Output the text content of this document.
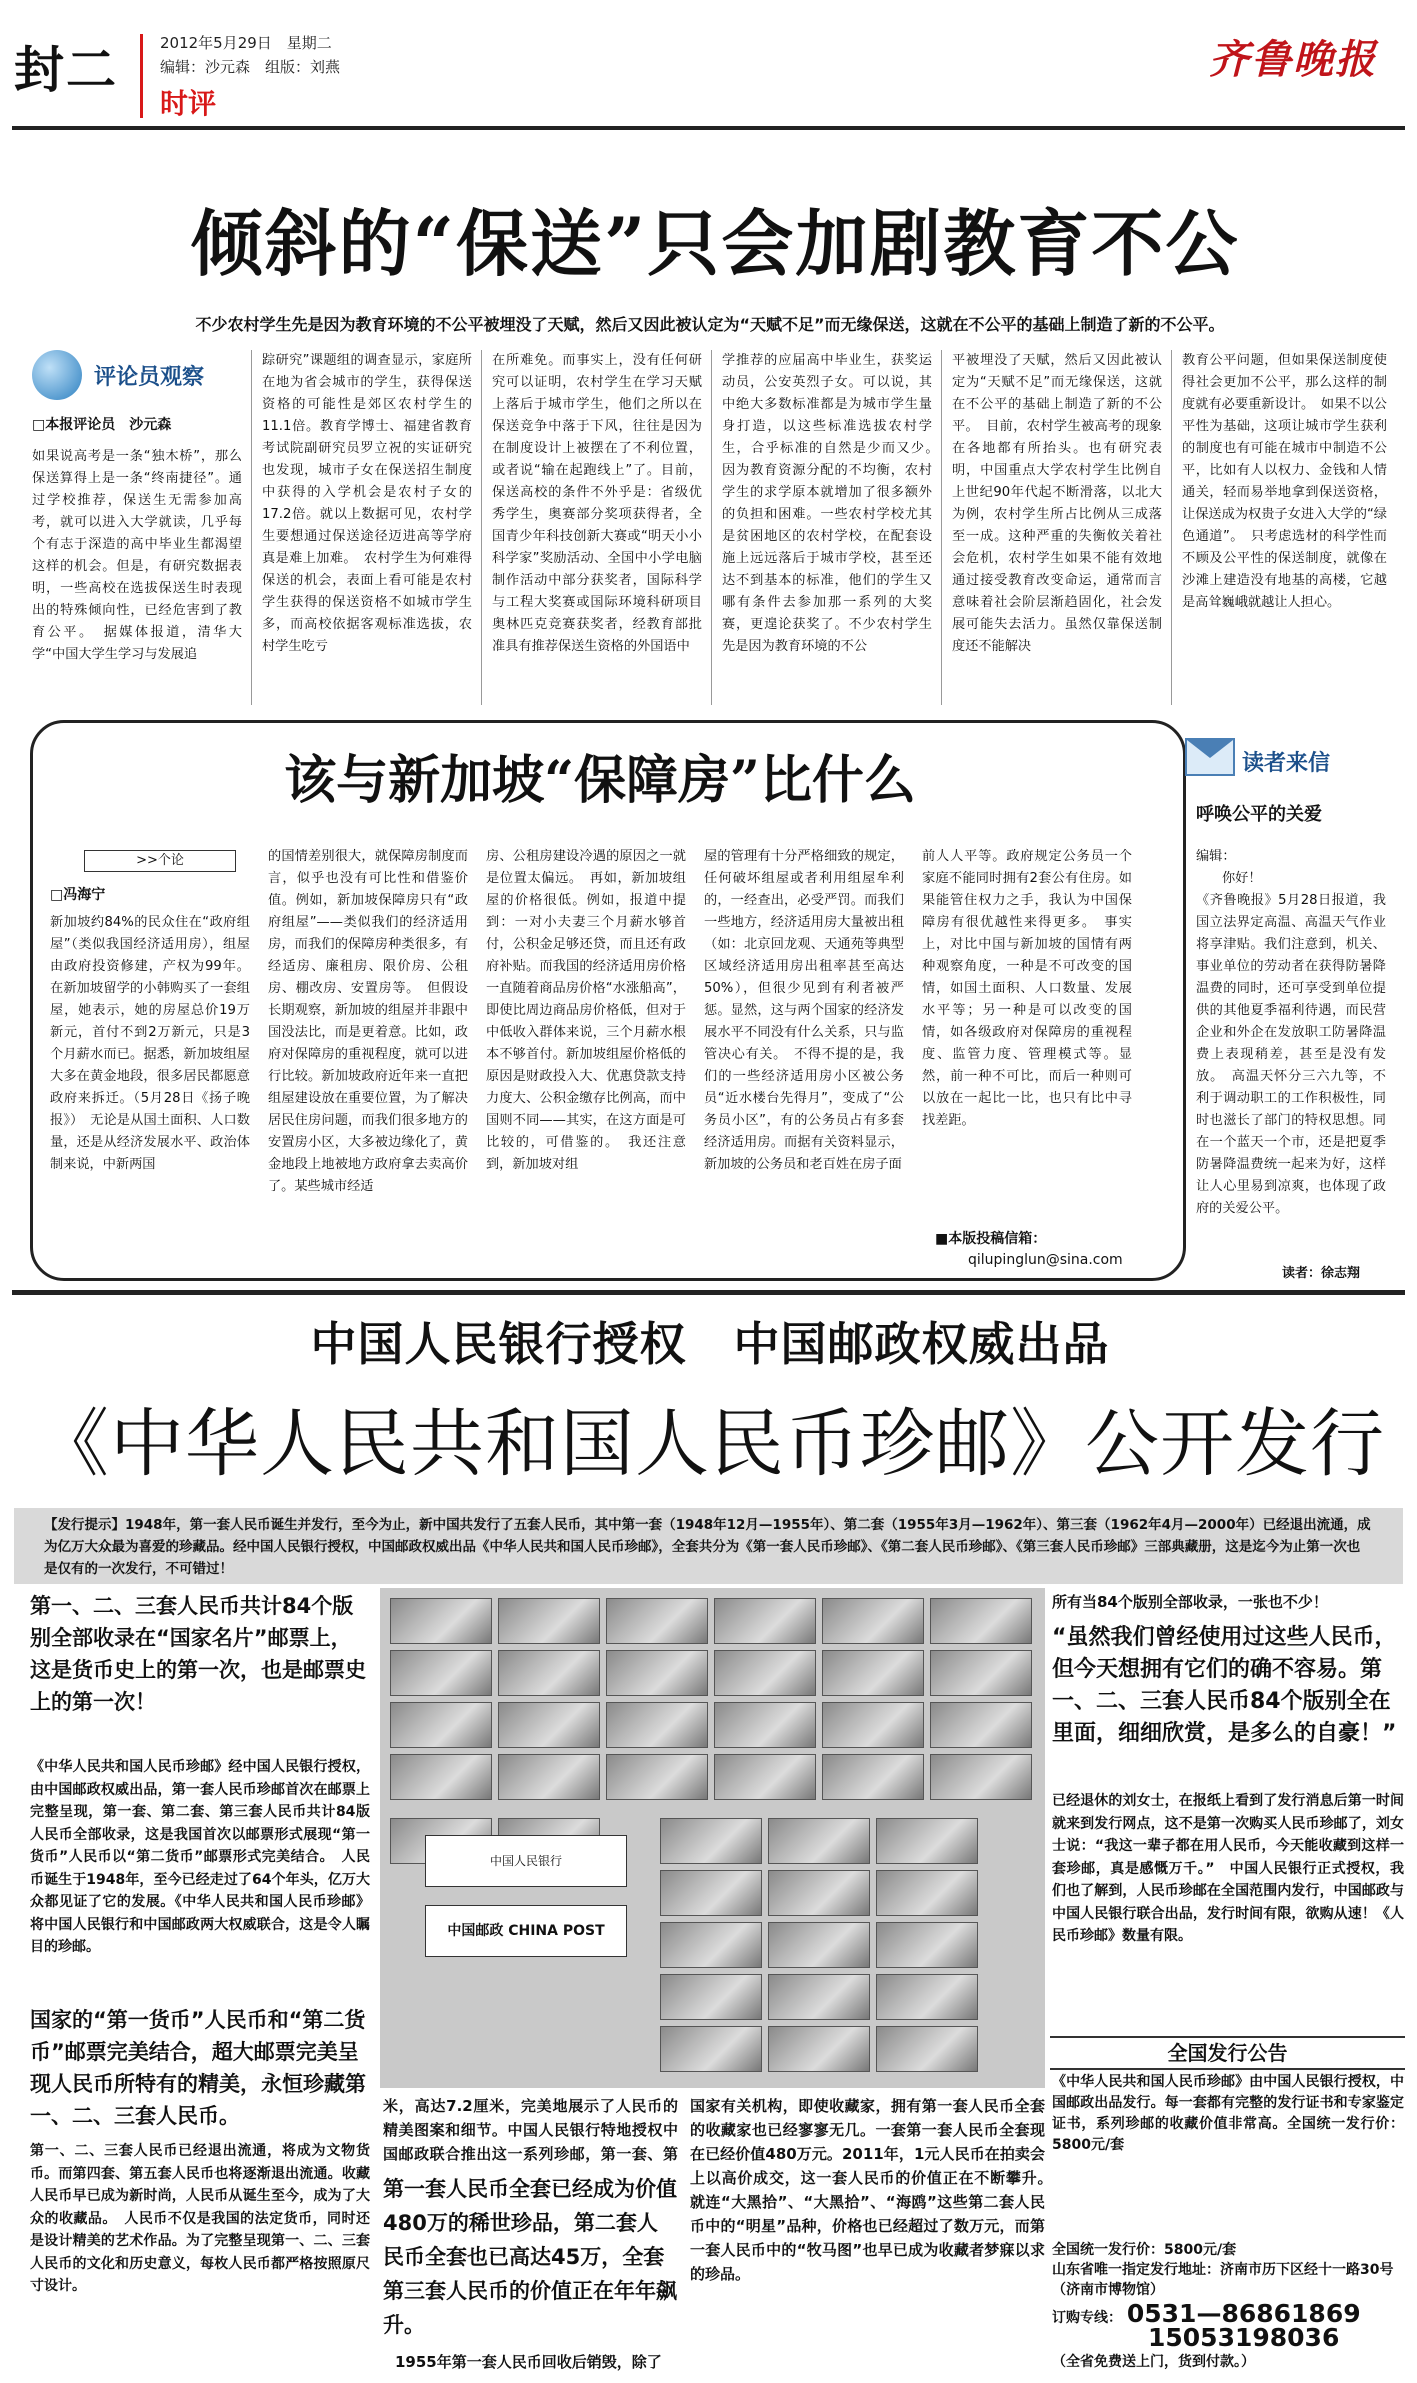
封二	2012年5月29日　星期二
编辑：沙元森　组版：刘燕
时评
齐鲁晚报
倾斜的“保送”只会加剧教育不公
不少农村学生先是因为教育环境的不公平被埋没了天赋，然后又因此被认定为“天赋不足”而无缘保送，这就在不公平的基础上制造了新的不公平。
评论员观察
□本报评论员　沙元森
如果说高考是一条“独木桥”，那么保送算得上是一条“终南捷径”。通过学校推荐，保送生无需参加高考，就可以进入大学就读，几乎每个有志于深造的高中毕业生都渴望这样的机会。但是，有研究数据表明，一些高校在选拔保送生时表现出的特殊倾向性，已经危害到了教育公平。　据媒体报道，清华大学“中国大学生学习与发展追
踪研究”课题组的调查显示，家庭所在地为省会城市的学生，获得保送资格的可能性是郊区农村学生的11.1倍。教育学博士、福建省教育考试院副研究员罗立祝的实证研究也发现，城市子女在保送招生制度中获得的入学机会是农村子女的17.2倍。就以上数据可见，农村学生要想通过保送途径迈进高等学府真是难上加难。　农村学生为何难得保送的机会，表面上看可能是农村学生获得的保送资格不如城市学生多，而高校依据客观标准选拔，农村学生吃亏
在所难免。而事实上，没有任何研究可以证明，农村学生在学习天赋上落后于城市学生，他们之所以在保送竞争中落于下风，往往是因为在制度设计上被摆在了不利位置，或者说“输在起跑线上”了。目前，保送高校的条件不外乎是：省级优秀学生，奥赛部分奖项获得者，全国青少年科技创新大赛或“明天小小科学家”奖励活动、全国中小学电脑制作活动中部分获奖者，国际科学与工程大奖赛或国际环境科研项目奥林匹克竞赛获奖者，经教育部批准具有推荐保送生资格的外国语中
学推荐的应届高中毕业生，获奖运动员，公安英烈子女。可以说，其中绝大多数标准都是为城市学生量身打造，以这些标准选拔农村学生，合乎标准的自然是少而又少。　因为教育资源分配的不均衡，农村学生的求学原本就增加了很多额外的负担和困难。一些农村学校尤其是贫困地区的农村学校，在配套设施上远远落后于城市学校，甚至还达不到基本的标准，他们的学生又哪有条件去参加那一系列的大奖赛，更遑论获奖了。不少农村学生先是因为教育环境的不公
平被埋没了天赋，然后又因此被认定为“天赋不足”而无缘保送，这就在不公平的基础上制造了新的不公平。　目前，农村学生被高考的现象在各地都有所抬头。也有研究表明，中国重点大学农村学生比例自上世纪90年代起不断滑落，以北大为例，农村学生所占比例从三成落至一成。这种严重的失衡攸关着社会危机，农村学生如果不能有效地通过接受教育改变命运，通常而言意味着社会阶层渐趋固化，社会发展可能失去活力。虽然仅靠保送制度还不能解决
教育公平问题，但如果保送制度使得社会更加不公平，那么这样的制度就有必要重新设计。　如果不以公平性为基础，这项让城市学生获利的制度也有可能在城市中制造不公平，比如有人以权力、金钱和人情通关，轻而易举地拿到保送资格，让保送成为权贵子女进入大学的“绿色通道”。　只考虑选材的科学性而不顾及公平性的保送制度，就像在沙滩上建造没有地基的高楼，它越是高耸巍峨就越让人担心。
该与新加坡“保障房”比什么
>>个论
□冯海宁
新加坡约84%的民众住在“政府组屋”（类似我国经济适用房），组屋由政府投资修建，产权为99年。在新加坡留学的小韩购买了一套组屋，她表示，她的房屋总价19万新元，首付不到2万新元，只是3个月薪水而已。据悉，新加坡组屋大多在黄金地段，很多居民都愿意政府来拆迁。（5月28日《扬子晚报》）　无论是从国土面积、人口数量，还是从经济发展水平、政治体制来说，中新两国
的国情差别很大，就保障房制度而言，似乎也没有可比性和借鉴价值。例如，新加坡保障房只有“政府组屋”——类似我们的经济适用房，而我们的保障房种类很多，有经适房、廉租房、限价房、公租房、棚改房、安置房等。　但假设长期观察，新加坡的组屋并非跟中国没法比，而是更着意。比如，政府对保障房的重视程度，就可以进行比较。新加坡政府近年来一直把组屋建设放在重要位置，为了解决居民住房问题，而我们很多地方的安置房小区，大多被边缘化了，黄金地段上地被地方政府拿去卖高价了。某些城市经适
房、公租房建设冷遇的原因之一就是位置太偏远。　再如，新加坡组屋的价格很低。例如，报道中提到：一对小夫妻三个月薪水够首付，公积金足够还贷，而且还有政府补贴。而我国的经济适用房价格一直随着商品房价格“水涨船高”，即使比周边商品房价格低，但对于中低收入群体来说，三个月薪水根本不够首付。新加坡组屋价格低的原因是财政投入大、优惠贷款支持力度大、公积金缴存比例高，而中国则不同——其实，在这方面是可比较的，可借鉴的。　我还注意到，新加坡对组
屋的管理有十分严格细致的规定，任何破坏组屋或者利用组屋牟利的，一经查出，必受严罚。而我们一些地方，经济适用房大量被出租（如：北京回龙观、天通苑等典型区域经济适用房出租率甚至高达50%），但很少见到有利者被严惩。显然，这与两个国家的经济发展水平不同没有什么关系，只与监管决心有关。　不得不提的是，我们的一些经济适用房小区被公务员“近水楼台先得月”，变成了“公务员小区”，有的公务员占有多套经济适用房。而据有关资料显示，新加坡的公务员和老百姓在房子面
前人人平等。政府规定公务员一个家庭不能同时拥有2套公有住房。如果能管住权力之手，我认为中国保障房有很优越性来得更多。　事实上，对比中国与新加坡的国情有两种观察角度，一种是不可改变的国情，如国土面积、人口数量、发展水平等；另一种是可以改变的国情，如各级政府对保障房的重视程度、监管力度、管理模式等。显然，前一种不可比，而后一种则可以放在一起比一比，也只有比中寻找差距。
■本版投稿信箱：
qilupinglun@sina.com
读者来信
呼唤公平的关爱
编辑：
你好！
《齐鲁晚报》5月28日报道，我国立法界定高温、高温天气作业将享津贴。我们注意到，机关、事业单位的劳动者在获得防暑降温费的同时，还可享受到单位提供的其他夏季福利待遇，而民营企业和外企在发放职工防暑降温费上表现稍差，甚至是没有发放。　高温天怀分三六九等，不利于调动职工的工作积极性，同时也滋长了部门的特权思想。同在一个蓝天一个市，还是把夏季防暑降温费统一起来为好，这样让人心里易到凉爽，也体现了政府的关爱公平。
读者：徐志翔
中国人民银行授权　中国邮政权威出品
《中华人民共和国人民币珍邮》公开发行
【发行提示】1948年，第一套人民币诞生并发行，至今为止，新中国共发行了五套人民币，其中第一套（1948年12月—1955年）、第二套（1955年3月—1962年）、第三套（1962年4月—2000年）已经退出流通，成为亿万大众最为喜爱的珍藏品。经中国人民银行授权，中国邮政权威出品《中华人民共和国人民币珍邮》，全套共分为《第一套人民币珍邮》、《第二套人民币珍邮》、《第三套人民币珍邮》三部典藏册，这是迄今为止第一次也是仅有的一次发行，不可错过！
第一、二、三套人民币共计84个版别全部收录在“国家名片”邮票上，这是货币史上的第一次，也是邮票史上的第一次！
《中华人民共和国人民币珍邮》经中国人民银行授权，由中国邮政权威出品，第一套人民币珍邮首次在邮票上完整呈现，第一套、第二套、第三套人民币共计84版人民币全部收录，这是我国首次以邮票形式展现“第一货币”人民币以“第二货币”邮票形式完美结合。　人民币诞生于1948年，至今已经走过了64个年头，亿万大众都见证了它的发展。《中华人民共和国人民币珍邮》将中国人民银行和中国邮政两大权威联合，这是令人瞩目的珍邮。
国家的“第一货币”人民币和“第二货币”邮票完美结合，超大邮票完美呈现人民币所特有的精美，永恒珍藏第一、二、三套人民币。
第一、二、三套人民币已经退出流通，将成为文物货币。而第四套、第五套人民币也将逐渐退出流通。收藏人民币早已成为新时尚，人民币从诞生至今，成为了大众的收藏品。　人民币不仅是我国的法定货币，同时还是设计精美的艺术作品。为了完整呈现第一、二、三套人民币的文化和历史意义，每枚人民币都严格按照原尺寸设计。
中国人民银行
中国邮政 CHINA POST
米，高达7.2厘米，完美地展示了人民币的精美图案和细节。中国人民银行特地授权中国邮政联合推出这一系列珍邮，第一套、第
第一套人民币全套已经成为价值480万的稀世珍品，第二套人民币全套也已高达45万，全套第三套人民币的价值正在年年飙升。
1955年第一套人民币回收后销毁，除了
国家有关机构，即使收藏家，拥有第一套人民币全套的收藏家也已经寥寥无几。一套第一套人民币全套现在已经价值480万元。2011年，1元人民币在拍卖会上以高价成交，这一套人民币的价值正在不断攀升。　就连“大黑拾”、“大黑拾”、“海鸥”这些第二套人民币中的“明星”品种，价格也已经超过了数万元，而第一套人民币中的“牧马图”也早已成为收藏者梦寐以求的珍品。
所有当84个版别全部收录，一张也不少！
“虽然我们曾经使用过这些人民币，但今天想拥有它们的确不容易。第一、二、三套人民币84个版别全在里面，细细欣赏，是多么的自豪！”
已经退休的刘女士，在报纸上看到了发行消息后第一时间就来到发行网点，这不是第一次购买人民币珍邮了，刘女士说：“我这一辈子都在用人民币，今天能收藏到这样一套珍邮，真是感慨万千。”　中国人民银行正式授权，我们也了解到，人民币珍邮在全国范围内发行，中国邮政与中国人民银行联合出品，发行时间有限，欲购从速！《人民币珍邮》数量有限。
全国发行公告
《中华人民共和国人民币珍邮》由中国人民银行授权，中国邮政出品发行。每一套都有完整的发行证书和专家鉴定证书，系列珍邮的收藏价值非常高。全国统一发行价：5800元/套
全国统一发行价：5800元/套
山东省唯一指定发行地址：济南市历下区经十一路30号（济南市博物馆）
订购专线： 0531—86861869
15053198036
（全省免费送上门，货到付款。）
